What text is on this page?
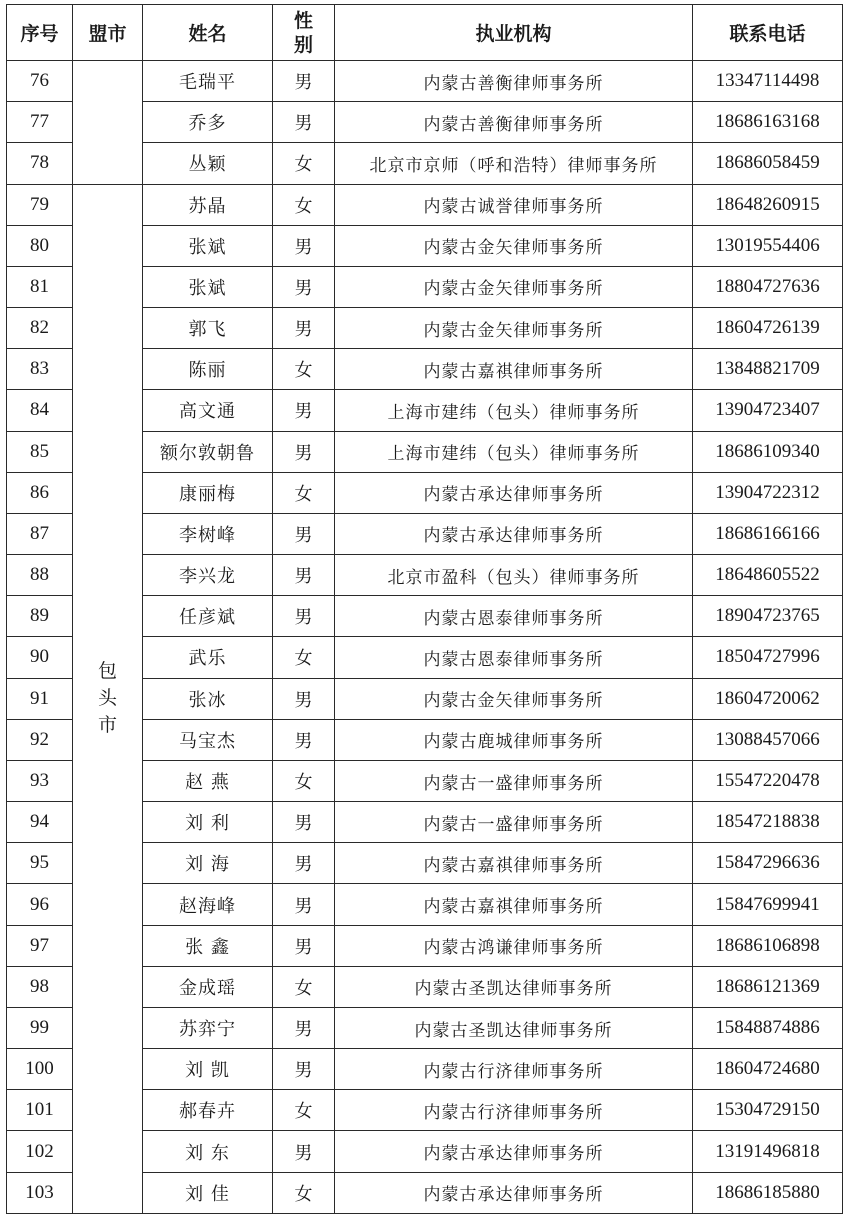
序号	盟市	姓名	性别	执业机构	联系电话
76		毛瑞平	男	内蒙古善衡律师事务所	13347114498
77		乔多	男	内蒙古善衡律师事务所	18686163168
78		丛颖	女	北京市京师（呼和浩特）律师事务所	18686058459
79	包头市	苏晶	女	内蒙古诚誉律师事务所	18648260915
80		张斌	男	内蒙古金矢律师事务所	13019554406
81		张斌	男	内蒙古金矢律师事务所	18804727636
82		郭飞	男	内蒙古金矢律师事务所	18604726139
83		陈丽	女	内蒙古嘉祺律师事务所	13848821709
84		高文通	男	上海市建纬（包头）律师事务所	13904723407
85		额尔敦朝鲁	男	上海市建纬（包头）律师事务所	18686109340
86		康丽梅	女	内蒙古承达律师事务所	13904722312
87		李树峰	男	内蒙古承达律师事务所	18686166166
88		李兴龙	男	北京市盈科（包头）律师事务所	18648605522
89		任彦斌	男	内蒙古恩泰律师事务所	18904723765
90		武乐	女	内蒙古恩泰律师事务所	18504727996
91		张冰	男	内蒙古金矢律师事务所	18604720062
92		马宝杰	男	内蒙古鹿城律师事务所	13088457066
93		赵 燕	女	内蒙古一盛律师事务所	15547220478
94		刘 利	男	内蒙古一盛律师事务所	18547218838
95		刘 海	男	内蒙古嘉祺律师事务所	15847296636
96		赵海峰	男	内蒙古嘉祺律师事务所	15847699941
97		张 鑫	男	内蒙古鸿谦律师事务所	18686106898
98		金成瑶	女	内蒙古圣凯达律师事务所	18686121369
99		苏弈宁	男	内蒙古圣凯达律师事务所	15848874886
100		刘 凯	男	内蒙古行济律师事务所	18604724680
101		郝春卉	女	内蒙古行济律师事务所	15304729150
102		刘 东	男	内蒙古承达律师事务所	13191496818
103		刘 佳	女	内蒙古承达律师事务所	18686185880
